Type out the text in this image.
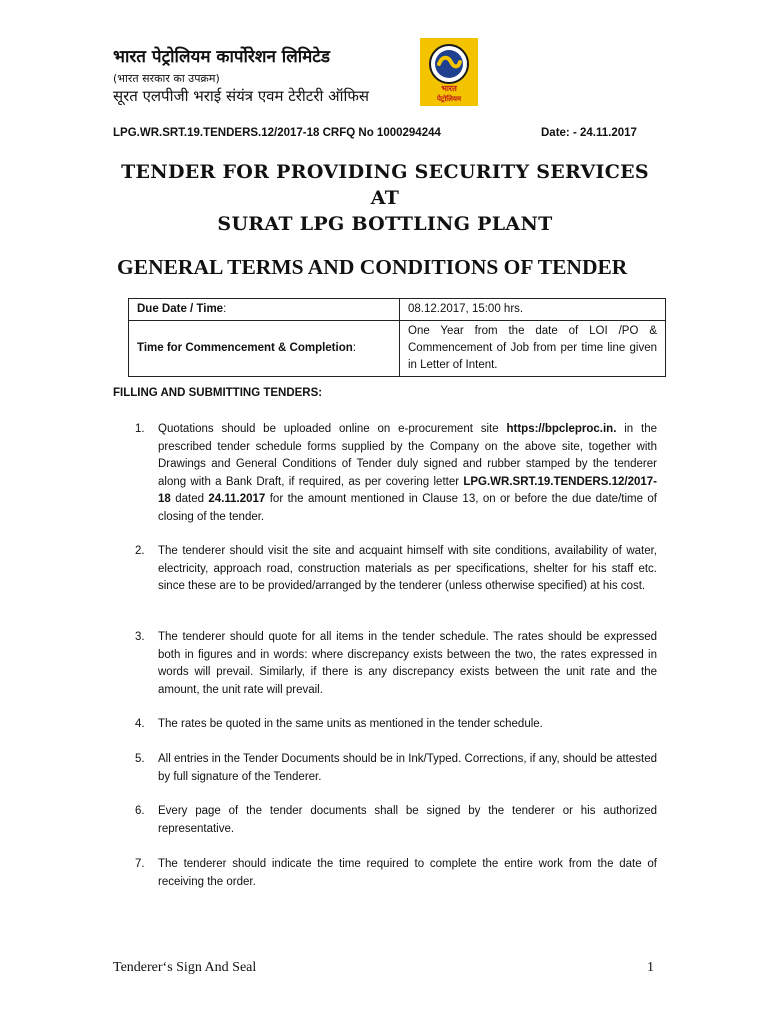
भारत पेट्रोलियम कार्पोरेशन लिमिटेड
(भारत सरकार का उपक्रम)
सूरत एलपीजी भराई संयंत्र एवम टेरीटरी ऑफिस	भारत
पेट्रोलियम
LPG.WR.SRT.19.TENDERS.12/2017-18 CRFQ No 1000294244	Date: - 24.11.2017
TENDER FOR PROVIDING SECURITY SERVICES
AT
SURAT LPG BOTTLING PLANT
GENERAL TERMS AND CONDITIONS OF TENDER
Due Date / Time:	08.12.2017, 15:00 hrs.
Time for Commencement & Completion:	One Year from the date of LOI /PO & Commencement of Job from per time line given in Letter of Intent.
FILLING AND SUBMITTING TENDERS:
1. Quotations should be uploaded online on e-procurement site https://bpcleproc.in. in the prescribed tender schedule forms supplied by the Company on the above site, together with Drawings and General Conditions of Tender duly signed and rubber stamped by the tenderer along with a Bank Draft, if required, as per covering letter LPG.WR.SRT.19.TENDERS.12/2017-18 dated 24.11.2017 for the amount mentioned in Clause 13, on or before the due date/time of closing of the tender.
2. The tenderer should visit the site and acquaint himself with site conditions, availability of water, electricity, approach road, construction materials as per specifications, shelter for his staff etc. since these are to be provided/arranged by the tenderer (unless otherwise specified) at his cost.
3. The tenderer should quote for all items in the tender schedule. The rates should be expressed both in figures and in words: where discrepancy exists between the two, the rates expressed in words will prevail. Similarly, if there is any discrepancy exists between the unit rate and the amount, the unit rate will prevail.
4. The rates be quoted in the same units as mentioned in the tender schedule.
5. All entries in the Tender Documents should be in Ink/Typed. Corrections, if any, should be attested by full signature of the Tenderer.
6. Every page of the tender documents shall be signed by the tenderer or his authorized representative.
7. The tenderer should indicate the time required to complete the entire work from the date of receiving the order.
Tenderer‘s Sign And Seal	1
